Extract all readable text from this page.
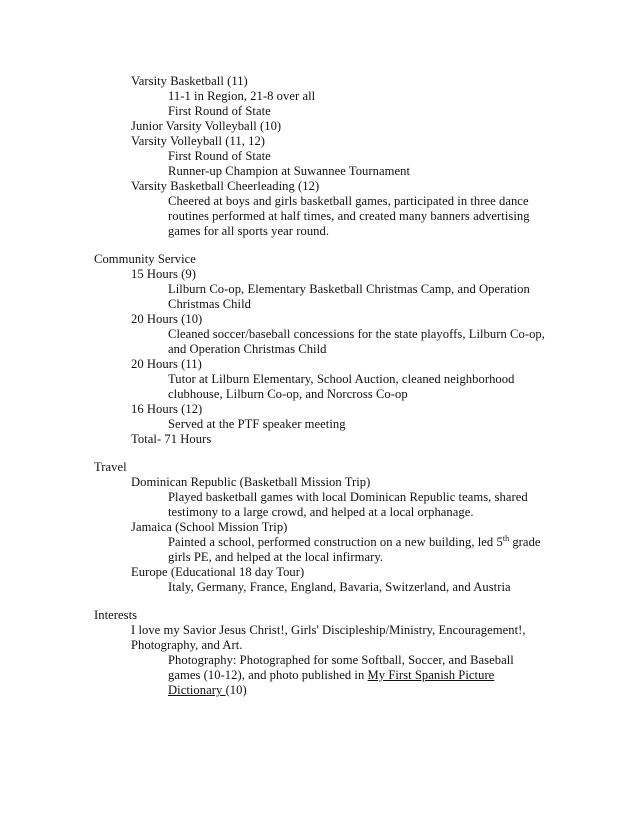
Varsity Basketball (11)
11-1 in Region, 21-8 over all
First Round of State
Junior Varsity Volleyball (10)
Varsity Volleyball (11, 12)
First Round of State
Runner-up Champion at Suwannee Tournament
Varsity Basketball Cheerleading (12)
Cheered at boys and girls basketball games, participated in three dance
routines performed at half times, and created many banners advertising
games for all sports year round.
Community Service
15 Hours (9)
Lilburn Co-op, Elementary Basketball Christmas Camp, and Operation
Christmas Child
20 Hours (10)
Cleaned soccer/baseball concessions for the state playoffs, Lilburn Co-op,
and Operation Christmas Child
20 Hours (11)
Tutor at Lilburn Elementary, School Auction, cleaned neighborhood
clubhouse, Lilburn Co-op, and Norcross Co-op
16 Hours (12)
Served at the PTF speaker meeting
Total- 71 Hours
Travel
Dominican Republic (Basketball Mission Trip)
Played basketball games with local Dominican Republic teams, shared
testimony to a large crowd, and helped at a local orphanage.
Jamaica (School Mission Trip)
Painted a school, performed construction on a new building, led 5th grade
girls PE, and helped at the local infirmary.
Europe (Educational 18 day Tour)
Italy, Germany, France, England, Bavaria, Switzerland, and Austria
Interests
I love my Savior Jesus Christ!, Girls' Discipleship/Ministry, Encouragement!,
Photography, and Art.
Photography: Photographed for some Softball, Soccer, and Baseball
games (10-12), and photo published in My First Spanish Picture
Dictionary (10)
